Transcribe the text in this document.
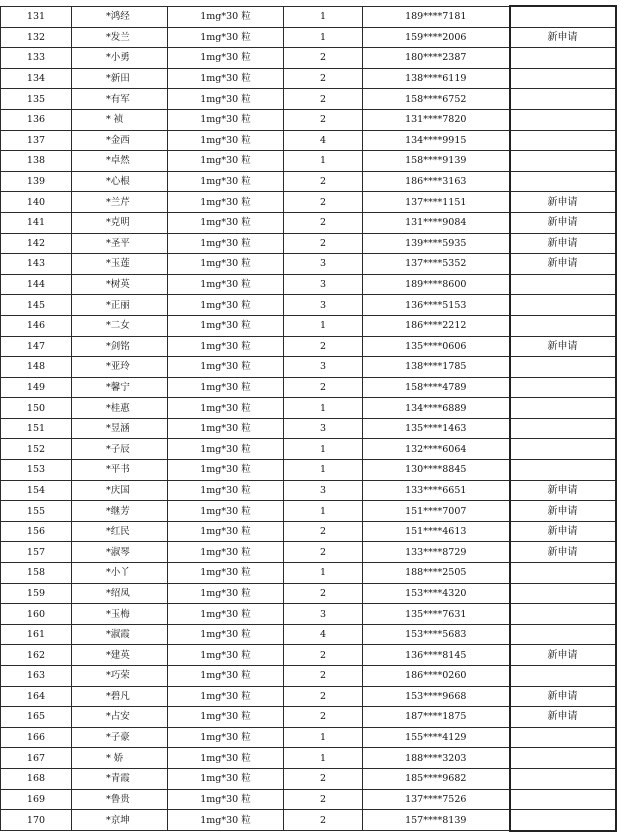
131	*鸿经	1mg*30 粒	1	189****7181	
132	*发兰	1mg*30 粒	1	159****2006	新申请
133	*小勇	1mg*30 粒	2	180****2387	
134	*新田	1mg*30 粒	2	138****6119	
135	*有军	1mg*30 粒	2	158****6752	
136	* 祯	1mg*30 粒	2	131****7820	
137	*金西	1mg*30 粒	4	134****9915	
138	*卓然	1mg*30 粒	1	158****9139	
139	*心根	1mg*30 粒	2	186****3163	
140	*兰芹	1mg*30 粒	2	137****1151	新申请
141	*克明	1mg*30 粒	2	131****9084	新申请
142	*圣平	1mg*30 粒	2	139****5935	新申请
143	*玉莲	1mg*30 粒	3	137****5352	新申请
144	*树英	1mg*30 粒	3	189****8600	
145	*正丽	1mg*30 粒	3	136****5153	
146	*二女	1mg*30 粒	1	186****2212	
147	*剑铭	1mg*30 粒	2	135****0606	新申请
148	*亚玲	1mg*30 粒	3	138****1785	
149	*馨宁	1mg*30 粒	2	158****4789	
150	*桂惠	1mg*30 粒	1	134****6889	
151	*昱涵	1mg*30 粒	3	135****1463	
152	*子辰	1mg*30 粒	1	132****6064	
153	*平书	1mg*30 粒	1	130****8845	
154	*庆国	1mg*30 粒	3	133****6651	新申请
155	*继芳	1mg*30 粒	1	151****7007	新申请
156	*红民	1mg*30 粒	2	151****4613	新申请
157	*淑琴	1mg*30 粒	2	133****8729	新申请
158	*小丫	1mg*30 粒	1	188****2505	
159	*绍凤	1mg*30 粒	2	153****4320	
160	*玉梅	1mg*30 粒	3	135****7631	
161	*淑霞	1mg*30 粒	4	153****5683	
162	*建英	1mg*30 粒	2	136****8145	新申请
163	*巧荣	1mg*30 粒	2	186****0260	
164	*碧凡	1mg*30 粒	2	153****9668	新申请
165	*占安	1mg*30 粒	2	187****1875	新申请
166	*子豪	1mg*30 粒	1	155****4129	
167	* 娇	1mg*30 粒	1	188****3203	
168	*青霞	1mg*30 粒	2	185****9682	
169	*鲁贵	1mg*30 粒	2	137****7526	
170	*京坤	1mg*30 粒	2	157****8139	
